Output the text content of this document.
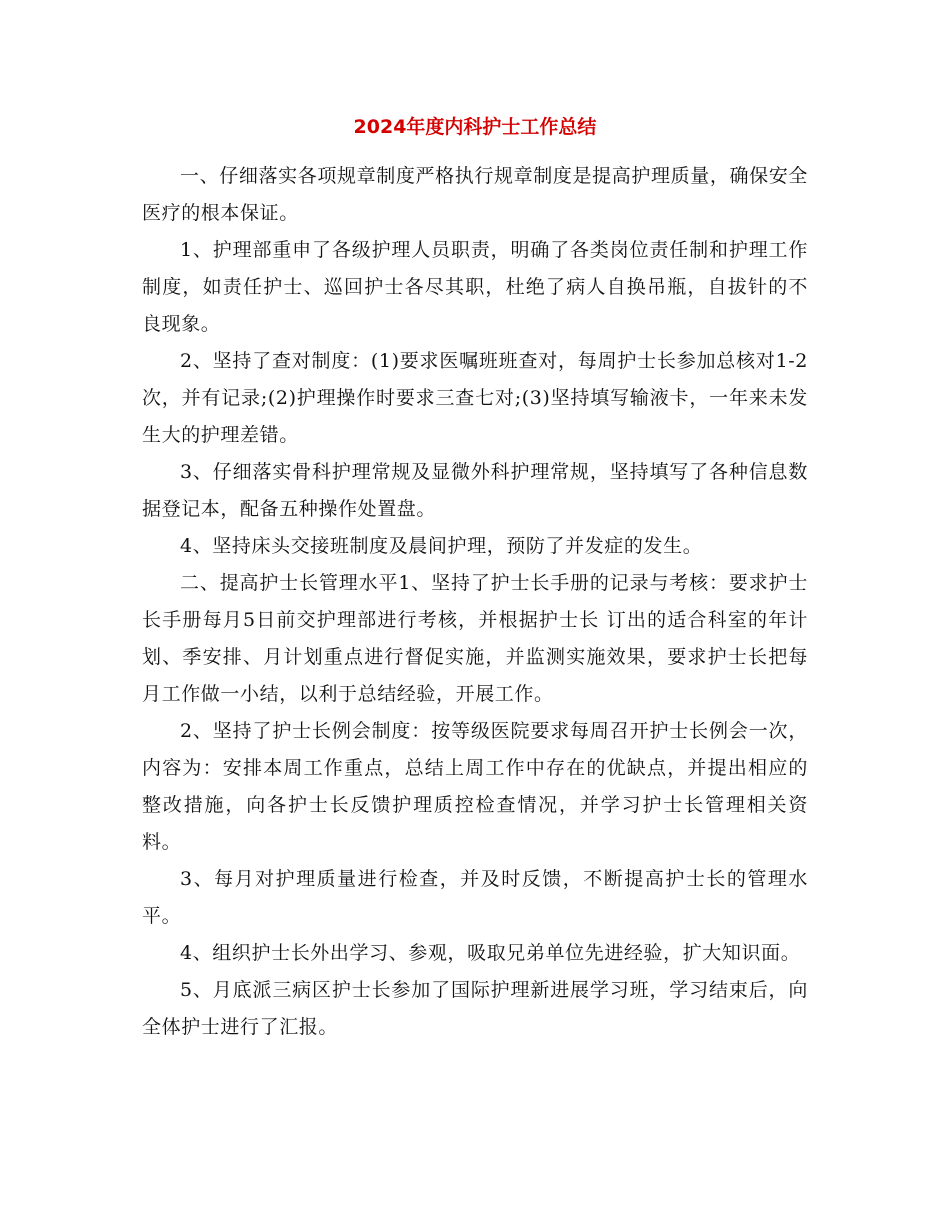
2024年度内科护士工作总结

一、仔细落实各项规章制度严格执行规章制度是提高护理质量，确保安全医疗的根本保证。

1、护理部重申了各级护理人员职责，明确了各类岗位责任制和护理工作制度，如责任护士、巡回护士各尽其职，杜绝了病人自换吊瓶，自拔针的不良现象。

2、坚持了查对制度：(1)要求医嘱班班查对，每周护士长参加总核对1-2次，并有记录;(2)护理操作时要求三查七对;(3)坚持填写输液卡，一年来未发生大的护理差错。

3、仔细落实骨科护理常规及显微外科护理常规，坚持填写了各种信息数据登记本，配备五种操作处置盘。

4、坚持床头交接班制度及晨间护理，预防了并发症的发生。

二、提高护士长管理水平1、坚持了护士长手册的记录与考核：要求护士长手册每月5日前交护理部进行考核，并根据护士长 订出的适合科室的年计划、季安排、月计划重点进行督促实施，并监测实施效果，要求护士长把每月工作做一小结，以利于总结经验，开展工作。

2、坚持了护士长例会制度：按等级医院要求每周召开护士长例会一次，内容为：安排本周工作重点，总结上周工作中存在的优缺点，并提出相应的整改措施，向各护士长反馈护理质控检查情况，并学习护士长管理相关资料。

3、每月对护理质量进行检查，并及时反馈，不断提高护士长的管理水平。

4、组织护士长外出学习、参观，吸取兄弟单位先进经验，扩大知识面。

5、月底派三病区护士长参加了国际护理新进展学习班，学习结束后，向全体护士进行了汇报。
